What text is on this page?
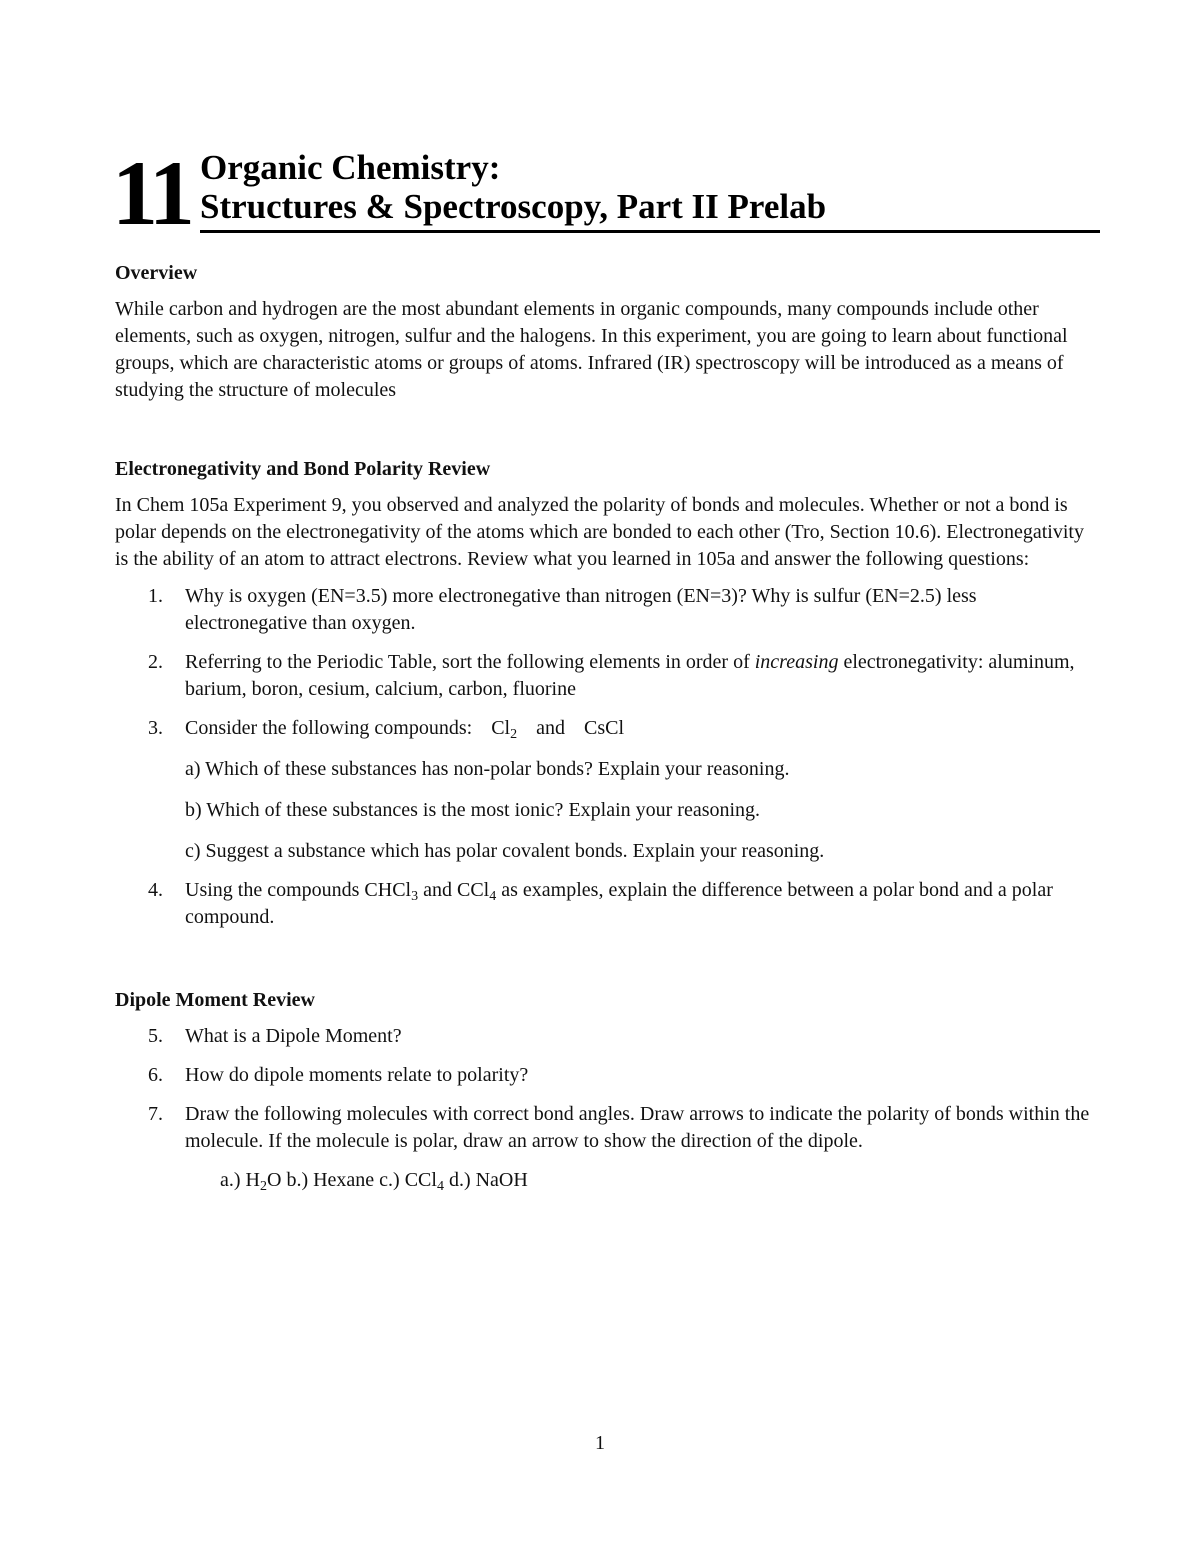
11 Organic Chemistry:
Structures & Spectroscopy, Part II Prelab
Overview

While carbon and hydrogen are the most abundant elements in organic compounds, many compounds include other elements, such as oxygen, nitrogen, sulfur and the halogens. In this experiment, you are going to learn about functional groups, which are characteristic atoms or groups of atoms. Infrared (IR) spectroscopy will be introduced as a means of studying the structure of molecules

Electronegativity and Bond Polarity Review

In Chem 105a Experiment 9, you observed and analyzed the polarity of bonds and molecules. Whether or not a bond is polar depends on the electronegativity of the atoms which are bonded to each other (Tro, Section 10.6). Electronegativity is the ability of an atom to attract electrons. Review what you learned in 105a and answer the following questions:

1. Why is oxygen (EN=3.5) more electronegative than nitrogen (EN=3)? Why is sulfur (EN=2.5) less electronegative than oxygen.
2. Referring to the Periodic Table, sort the following elements in order of increasing electronegativity: aluminum, barium, boron, cesium, calcium, carbon, fluorine
3. Consider the following compounds: $Cl_2$ and CsCl
a) Which of these substances has non-polar bonds? Explain your reasoning.
b) Which of these substances is the most ionic? Explain your reasoning.
c) Suggest a substance which has polar covalent bonds. Explain your reasoning.
4. Using the compounds CHCl$_3$ and CCl$_4$ as examples, explain the difference between a polar bond and a polar compound.
Dipole Moment Review
5. What is a Dipole Moment?
6. How do dipole moments relate to polarity?
7. Draw the following molecules with correct bond angles. Draw arrows to indicate the polarity of bonds within the molecule. If the molecule is polar, draw an arrow to show the direction of the dipole.
a.) $H_2O$ b.) Hexane c.) CCl$_4$ d.) NaOH
1
